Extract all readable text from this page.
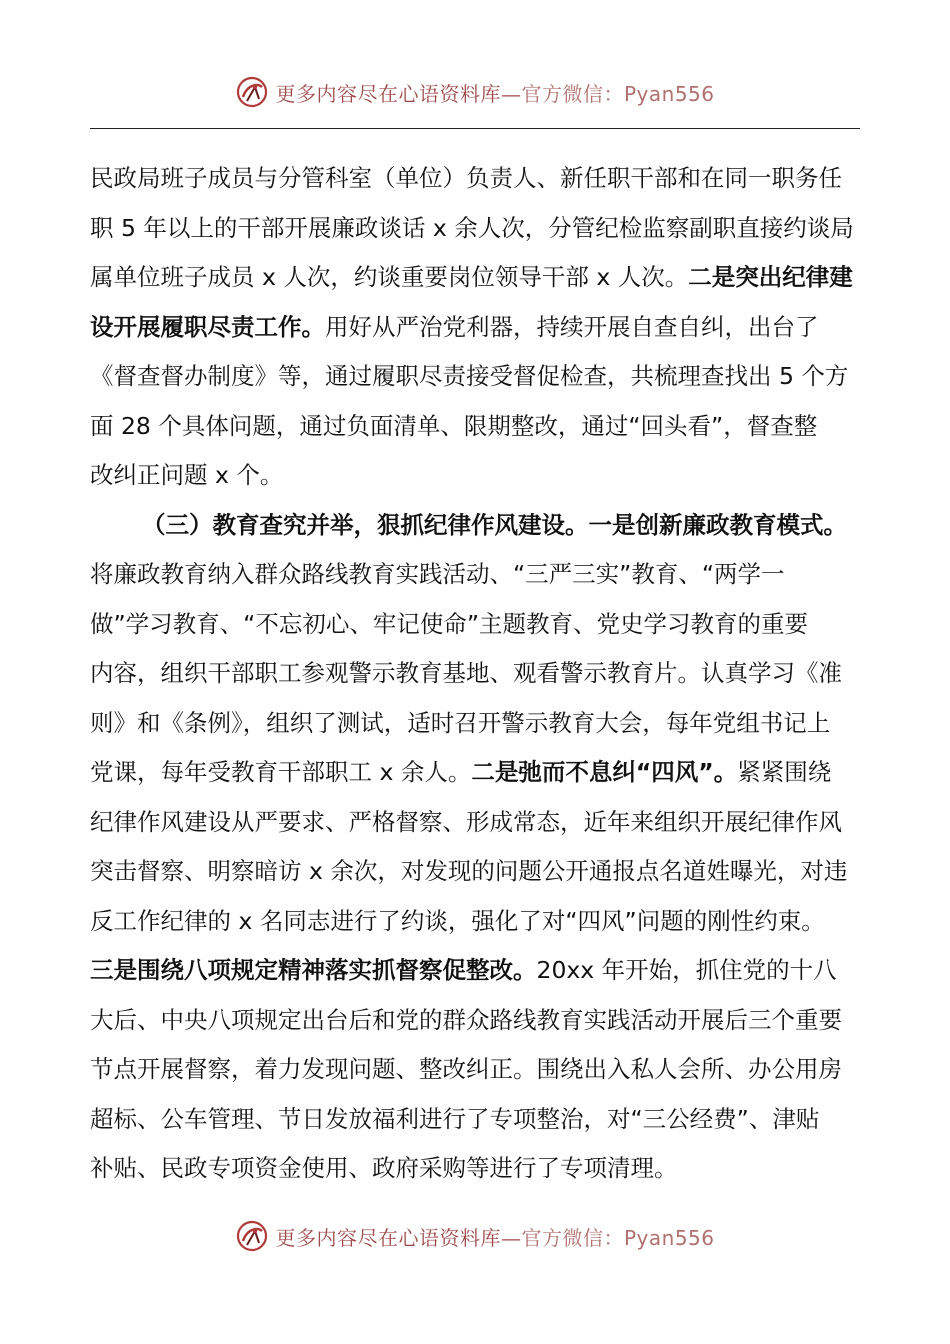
更多内容尽在心语资料库—官方微信：Pyan556
民政局班子成员与分管科室（单位）负责人、新任职干部和在同一职务任
职 5 年以上的干部开展廉政谈话 x 余人次，分管纪检监察副职直接约谈局
属单位班子成员 x 人次，约谈重要岗位领导干部 x 人次。二是突出纪律建
设开展履职尽责工作。用好从严治党利器，持续开展自查自纠，出台了
《督查督办制度》等，通过履职尽责接受督促检查，共梳理查找出 5 个方
面 28 个具体问题，通过负面清单、限期整改，通过“回头看”，督查整
改纠正问题 x 个。
（三）教育查究并举，狠抓纪律作风建设。一是创新廉政教育模式。
将廉政教育纳入群众路线教育实践活动、“三严三实”教育、“两学一
做”学习教育、“不忘初心、牢记使命”主题教育、党史学习教育的重要
内容，组织干部职工参观警示教育基地、观看警示教育片。认真学习《准
则》和《条例》，组织了测试，适时召开警示教育大会，每年党组书记上
党课，每年受教育干部职工 x 余人。二是弛而不息纠“四风”。紧紧围绕
纪律作风建设从严要求、严格督察、形成常态，近年来组织开展纪律作风
突击督察、明察暗访 x 余次，对发现的问题公开通报点名道姓曝光，对违
反工作纪律的 x 名同志进行了约谈，强化了对“四风”问题的刚性约束。
三是围绕八项规定精神落实抓督察促整改。20xx 年开始，抓住党的十八
大后、中央八项规定出台后和党的群众路线教育实践活动开展后三个重要
节点开展督察，着力发现问题、整改纠正。围绕出入私人会所、办公用房
超标、公车管理、节日发放福利进行了专项整治，对“三公经费”、津贴
补贴、民政专项资金使用、政府采购等进行了专项清理。
更多内容尽在心语资料库—官方微信：Pyan556
